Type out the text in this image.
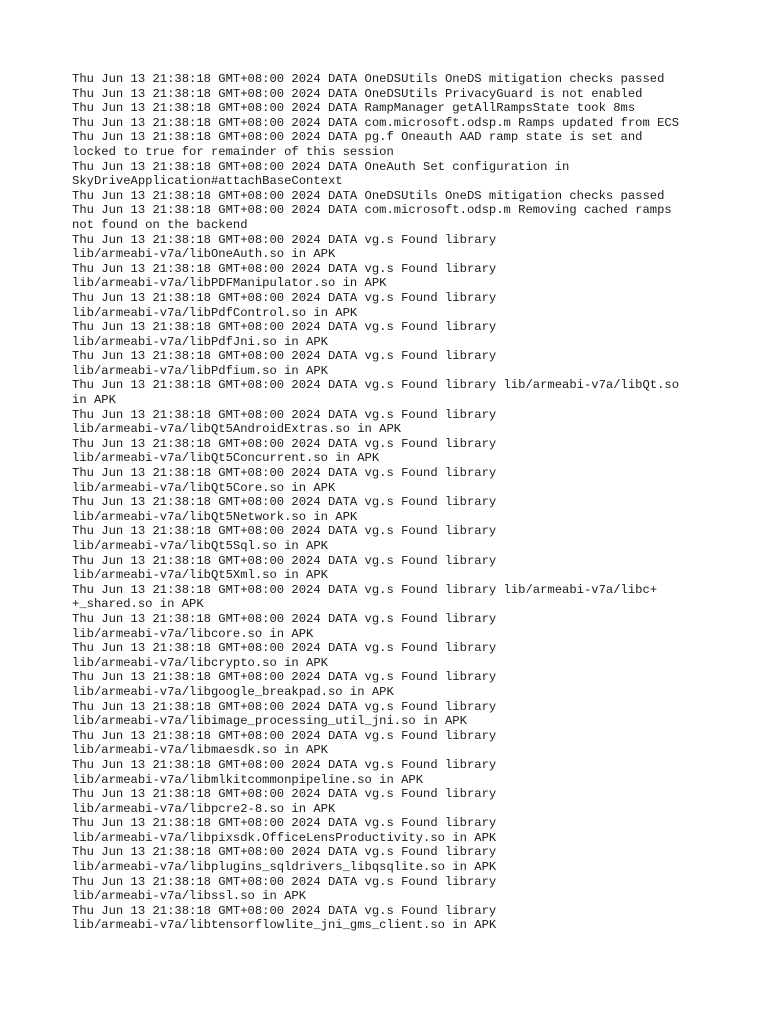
Thu Jun 13 21:38:18 GMT+08:00 2024 DATA OneDSUtils OneDS mitigation checks passed
Thu Jun 13 21:38:18 GMT+08:00 2024 DATA OneDSUtils PrivacyGuard is not enabled
Thu Jun 13 21:38:18 GMT+08:00 2024 DATA RampManager getAllRampsState took 8ms
Thu Jun 13 21:38:18 GMT+08:00 2024 DATA com.microsoft.odsp.m Ramps updated from ECS
Thu Jun 13 21:38:18 GMT+08:00 2024 DATA pg.f Oneauth AAD ramp state is set and
locked to true for remainder of this session
Thu Jun 13 21:38:18 GMT+08:00 2024 DATA OneAuth Set configuration in
SkyDriveApplication#attachBaseContext
Thu Jun 13 21:38:18 GMT+08:00 2024 DATA OneDSUtils OneDS mitigation checks passed
Thu Jun 13 21:38:18 GMT+08:00 2024 DATA com.microsoft.odsp.m Removing cached ramps
not found on the backend
Thu Jun 13 21:38:18 GMT+08:00 2024 DATA vg.s Found library
lib/armeabi-v7a/libOneAuth.so in APK
Thu Jun 13 21:38:18 GMT+08:00 2024 DATA vg.s Found library
lib/armeabi-v7a/libPDFManipulator.so in APK
Thu Jun 13 21:38:18 GMT+08:00 2024 DATA vg.s Found library
lib/armeabi-v7a/libPdfControl.so in APK
Thu Jun 13 21:38:18 GMT+08:00 2024 DATA vg.s Found library
lib/armeabi-v7a/libPdfJni.so in APK
Thu Jun 13 21:38:18 GMT+08:00 2024 DATA vg.s Found library
lib/armeabi-v7a/libPdfium.so in APK
Thu Jun 13 21:38:18 GMT+08:00 2024 DATA vg.s Found library lib/armeabi-v7a/libQt.so
in APK
Thu Jun 13 21:38:18 GMT+08:00 2024 DATA vg.s Found library
lib/armeabi-v7a/libQt5AndroidExtras.so in APK
Thu Jun 13 21:38:18 GMT+08:00 2024 DATA vg.s Found library
lib/armeabi-v7a/libQt5Concurrent.so in APK
Thu Jun 13 21:38:18 GMT+08:00 2024 DATA vg.s Found library
lib/armeabi-v7a/libQt5Core.so in APK
Thu Jun 13 21:38:18 GMT+08:00 2024 DATA vg.s Found library
lib/armeabi-v7a/libQt5Network.so in APK
Thu Jun 13 21:38:18 GMT+08:00 2024 DATA vg.s Found library
lib/armeabi-v7a/libQt5Sql.so in APK
Thu Jun 13 21:38:18 GMT+08:00 2024 DATA vg.s Found library
lib/armeabi-v7a/libQt5Xml.so in APK
Thu Jun 13 21:38:18 GMT+08:00 2024 DATA vg.s Found library lib/armeabi-v7a/libc+
+_shared.so in APK
Thu Jun 13 21:38:18 GMT+08:00 2024 DATA vg.s Found library
lib/armeabi-v7a/libcore.so in APK
Thu Jun 13 21:38:18 GMT+08:00 2024 DATA vg.s Found library
lib/armeabi-v7a/libcrypto.so in APK
Thu Jun 13 21:38:18 GMT+08:00 2024 DATA vg.s Found library
lib/armeabi-v7a/libgoogle_breakpad.so in APK
Thu Jun 13 21:38:18 GMT+08:00 2024 DATA vg.s Found library
lib/armeabi-v7a/libimage_processing_util_jni.so in APK
Thu Jun 13 21:38:18 GMT+08:00 2024 DATA vg.s Found library
lib/armeabi-v7a/libmaesdk.so in APK
Thu Jun 13 21:38:18 GMT+08:00 2024 DATA vg.s Found library
lib/armeabi-v7a/libmlkitcommonpipeline.so in APK
Thu Jun 13 21:38:18 GMT+08:00 2024 DATA vg.s Found library
lib/armeabi-v7a/libpcre2-8.so in APK
Thu Jun 13 21:38:18 GMT+08:00 2024 DATA vg.s Found library
lib/armeabi-v7a/libpixsdk.OfficeLensProductivity.so in APK
Thu Jun 13 21:38:18 GMT+08:00 2024 DATA vg.s Found library
lib/armeabi-v7a/libplugins_sqldrivers_libqsqlite.so in APK
Thu Jun 13 21:38:18 GMT+08:00 2024 DATA vg.s Found library
lib/armeabi-v7a/libssl.so in APK
Thu Jun 13 21:38:18 GMT+08:00 2024 DATA vg.s Found library
lib/armeabi-v7a/libtensorflowlite_jni_gms_client.so in APK
